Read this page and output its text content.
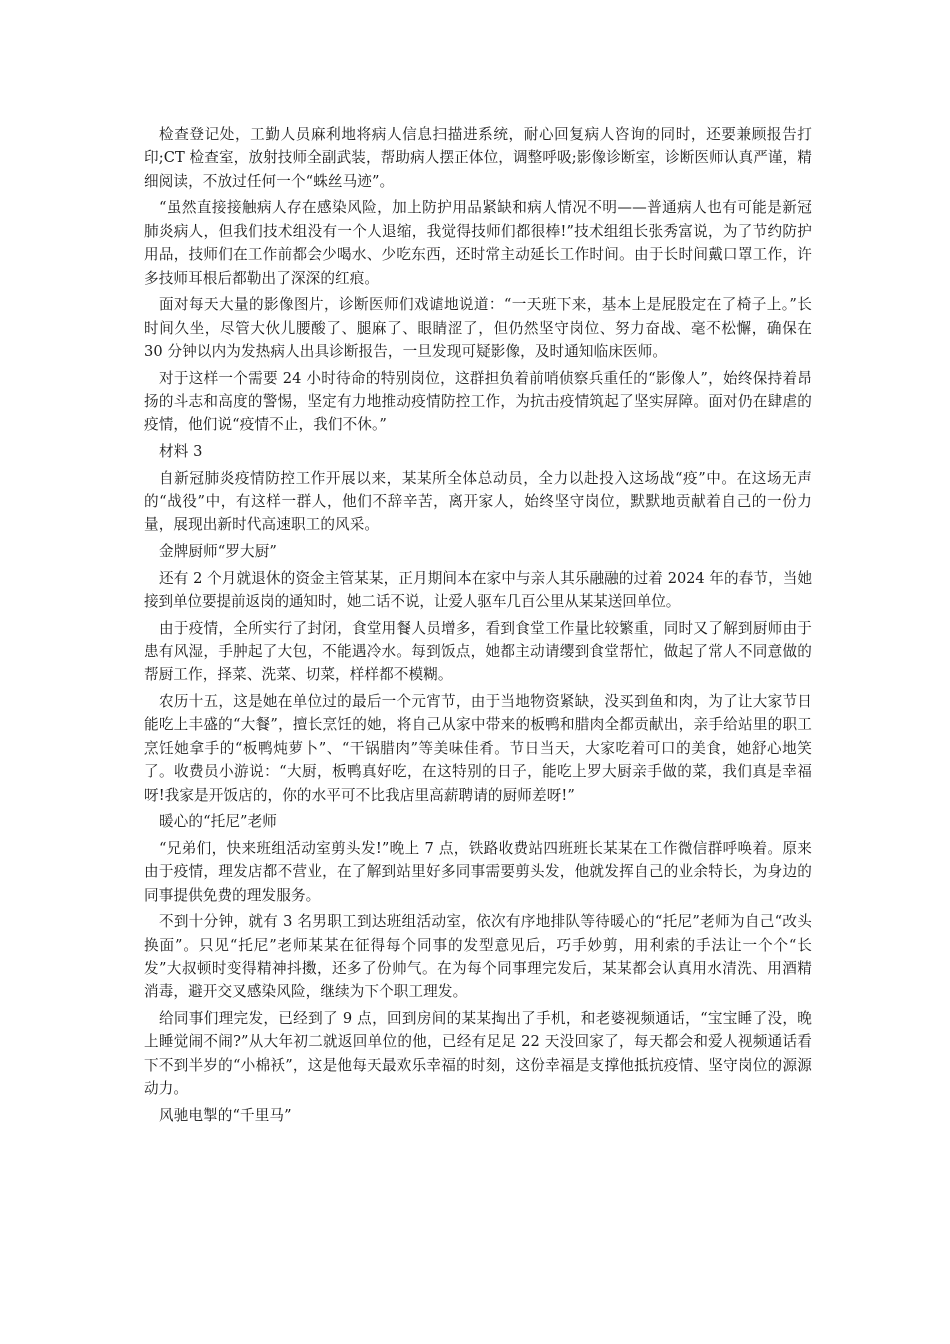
检查登记处，工勤人员麻利地将病人信息扫描进系统，耐心回复病人咨询的同时，还要兼顾报告打印;CT 检查室，放射技师全副武装，帮助病人摆正体位，调整呼吸;影像诊断室，诊断医师认真严谨，精细阅读，不放过任何一个“蛛丝马迹”。

“虽然直接接触病人存在感染风险，加上防护用品紧缺和病人情况不明——普通病人也有可能是新冠肺炎病人，但我们技术组没有一个人退缩，我觉得技师们都很棒!”技术组组长张秀富说，为了节约防护用品，技师们在工作前都会少喝水、少吃东西，还时常主动延长工作时间。由于长时间戴口罩工作，许多技师耳根后都勒出了深深的红痕。

面对每天大量的影像图片，诊断医师们戏谑地说道：“一天班下来，基本上是屁股定在了椅子上。”长时间久坐，尽管大伙儿腰酸了、腿麻了、眼睛涩了，但仍然坚守岗位、努力奋战、毫不松懈，确保在 30 分钟以内为发热病人出具诊断报告，一旦发现可疑影像，及时通知临床医师。

对于这样一个需要 24 小时待命的特别岗位，这群担负着前哨侦察兵重任的“影像人”，始终保持着昂扬的斗志和高度的警惕，坚定有力地推动疫情防控工作，为抗击疫情筑起了坚实屏障。面对仍在肆虐的疫情，他们说“疫情不止，我们不休。”

材料 3

自新冠肺炎疫情防控工作开展以来，某某所全体总动员，全力以赴投入这场战“疫”中。在这场无声的“战役”中，有这样一群人，他们不辞辛苦，离开家人，始终坚守岗位，默默地贡献着自己的一份力量，展现出新时代高速职工的风采。

金牌厨师“罗大厨”

还有 2 个月就退休的资金主管某某，正月期间本在家中与亲人其乐融融的过着 2024 年的春节，当她接到单位要提前返岗的通知时，她二话不说，让爱人驱车几百公里从某某送回单位。

由于疫情，全所实行了封闭，食堂用餐人员增多，看到食堂工作量比较繁重，同时又了解到厨师由于患有风湿，手肿起了大包，不能遇冷水。每到饭点，她都主动请缨到食堂帮忙，做起了常人不同意做的帮厨工作，择菜、洗菜、切菜，样样都不模糊。

农历十五，这是她在单位过的最后一个元宵节，由于当地物资紧缺，没买到鱼和肉，为了让大家节日能吃上丰盛的“大餐”，擅长烹饪的她，将自己从家中带来的板鸭和腊肉全都贡献出，亲手给站里的职工烹饪她拿手的“板鸭炖萝卜”、“干锅腊肉”等美味佳肴。节日当天，大家吃着可口的美食，她舒心地笑了。收费员小游说：“大厨，板鸭真好吃，在这特别的日子，能吃上罗大厨亲手做的菜，我们真是幸福呀!我家是开饭店的，你的水平可不比我店里高薪聘请的厨师差呀!”

暖心的“托尼”老师

“兄弟们，快来班组活动室剪头发!”晚上 7 点，铁路收费站四班班长某某在工作微信群呼唤着。原来由于疫情，理发店都不营业，在了解到站里好多同事需要剪头发，他就发挥自己的业余特长，为身边的同事提供免费的理发服务。

不到十分钟，就有 3 名男职工到达班组活动室，依次有序地排队等待暖心的“托尼”老师为自己“改头换面”。只见“托尼”老师某某在征得每个同事的发型意见后，巧手妙剪，用利索的手法让一个个“长发”大叔顿时变得精神抖擞，还多了份帅气。在为每个同事理完发后，某某都会认真用水清洗、用酒精消毒，避开交叉感染风险，继续为下个职工理发。

给同事们理完发，已经到了 9 点，回到房间的某某掏出了手机，和老婆视频通话，“宝宝睡了没，晚上睡觉闹不闹?”从大年初二就返回单位的他，已经有足足 22 天没回家了，每天都会和爱人视频通话看下不到半岁的“小棉袄”，这是他每天最欢乐幸福的时刻，这份幸福是支撑他抵抗疫情、坚守岗位的源源动力。

风驰电掣的“千里马”
